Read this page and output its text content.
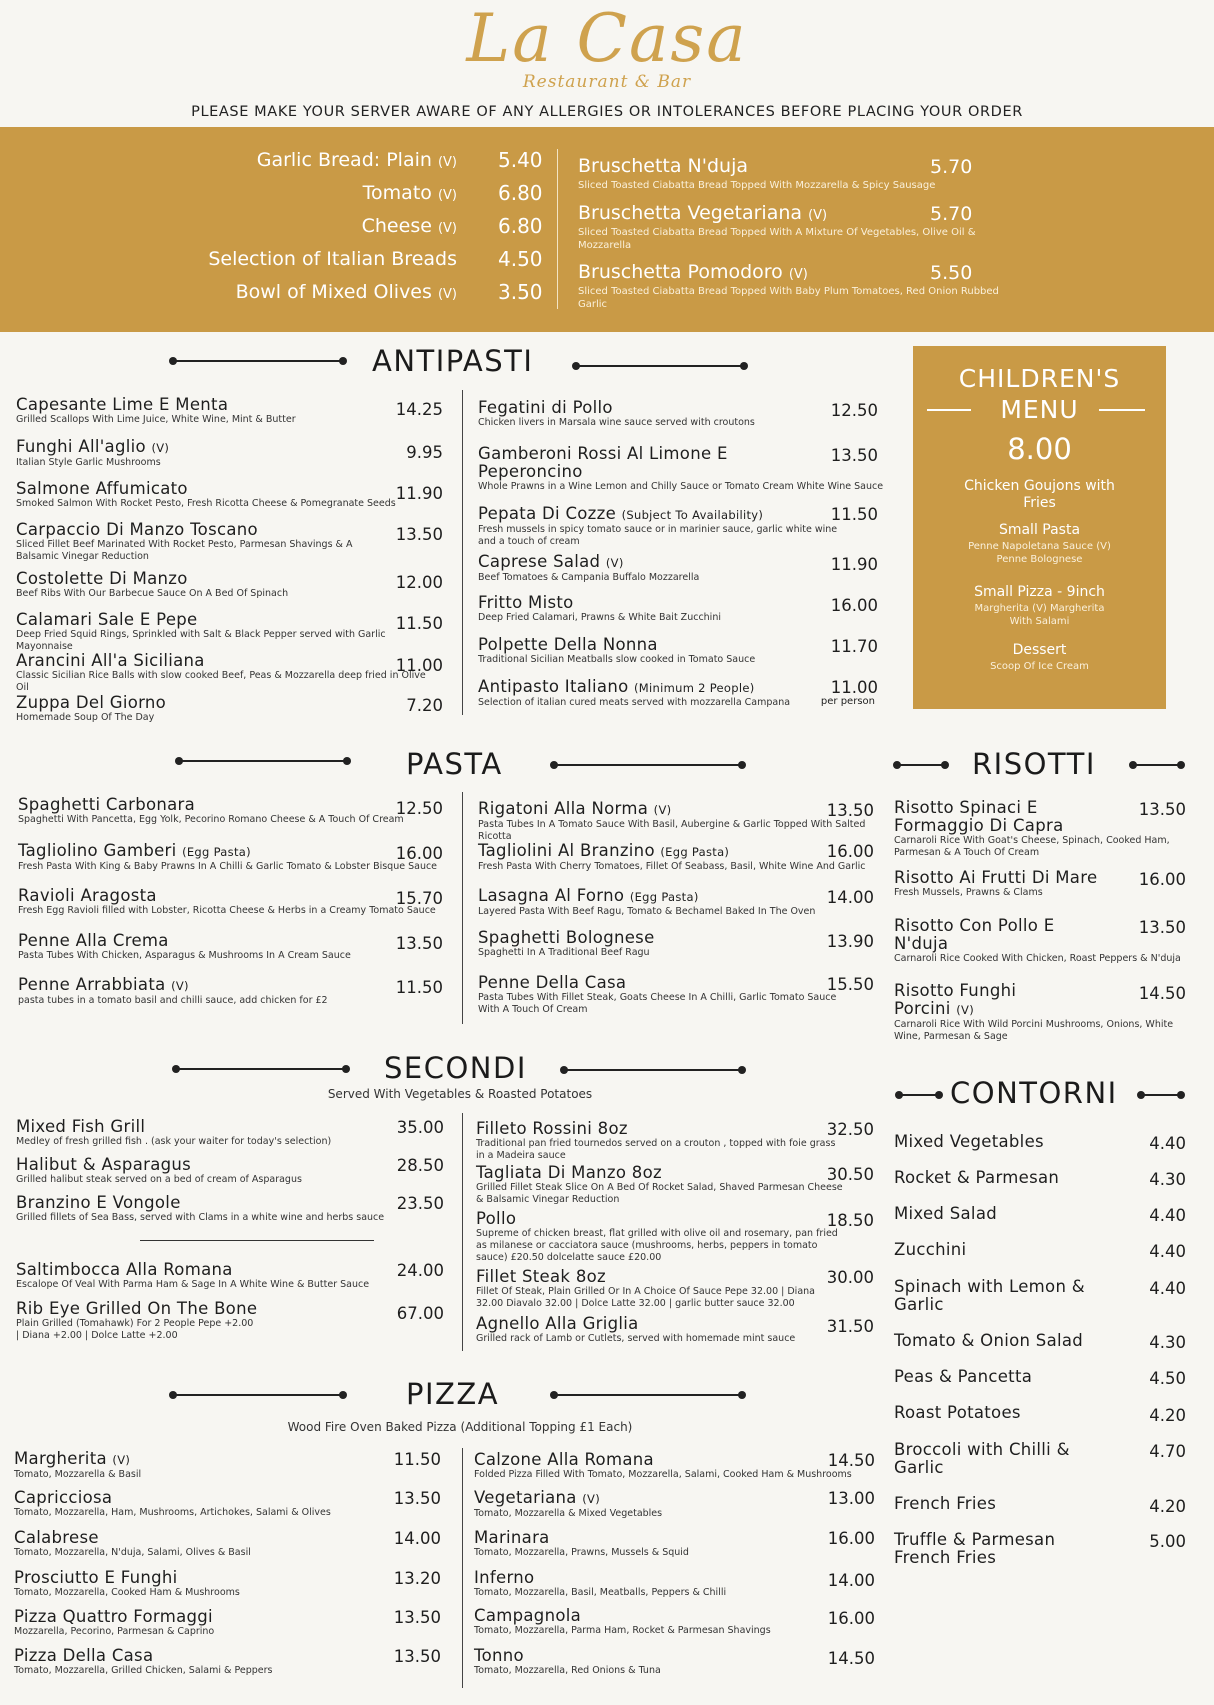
La Casa
Restaurant & Bar
PLEASE MAKE YOUR SERVER AWARE OF ANY ALLERGIES OR INTOLERANCES BEFORE PLACING YOUR ORDER
Garlic Bread: Plain (V) 5.40
Tomato (V) 6.80
Cheese (V) 6.80
Selection of Italian Breads 4.50
Bowl of Mixed Olives (V) 3.50
Bruschetta N'duja	5.70
Sliced Toasted Ciabatta Bread Topped With Mozzarella & Spicy Sausage
Bruschetta Vegetariana (V)	5.70
Sliced Toasted Ciabatta Bread Topped With A Mixture Of Vegetables, Olive Oil & Mozzarella
Bruschetta Pomodoro (V)	5.50
Sliced Toasted Ciabatta Bread Topped With Baby Plum Tomatoes, Red Onion Rubbed Garlic
ANTIPASTI
Capesante Lime E Menta
Grilled Scallops With Lime Juice, White Wine, Mint & Butter
14.25
Funghi All'aglio (V)
Italian Style Garlic Mushrooms
9.95
Salmone Affumicato
Smoked Salmon With Rocket Pesto, Fresh Ricotta Cheese & Pomegranate Seeds
11.90
Carpaccio Di Manzo Toscano
Sliced Fillet Beef Marinated With Rocket Pesto, Parmesan Shavings & A Balsamic Vinegar Reduction
13.50
Costolette Di Manzo
Beef Ribs With Our Barbecue Sauce On A Bed Of Spinach
12.00
Calamari Sale E Pepe
Deep Fried Squid Rings, Sprinkled with Salt & Black Pepper served with Garlic Mayonnaise
11.50
Arancini All'a Siciliana
Classic Sicilian Rice Balls with slow cooked Beef, Peas & Mozzarella deep fried in Olive Oil
11.00
Zuppa Del Giorno
Homemade Soup Of The Day
7.20
Fegatini di Pollo
Chicken livers in Marsala wine sauce served with croutons
12.50
Gamberoni Rossi Al Limone E Peperoncino
Whole Prawns in a Wine Lemon and Chilly Sauce or Tomato Cream White Wine Sauce
13.50
Pepata Di Cozze (Subject To Availability)
Fresh mussels in spicy tomato sauce or in marinier sauce, garlic white wine and a touch of cream
11.50
Caprese Salad (V)
Beef Tomatoes & Campania Buffalo Mozzarella
11.90
Fritto Misto
Deep Fried Calamari, Prawns & White Bait Zucchini
16.00
Polpette Della Nonna
Traditional Sicilian Meatballs slow cooked in Tomato Sauce
11.70
Antipasto Italiano (Minimum 2 People)
Selection of italian cured meats served with mozzarella Campana
11.00
per person
CHILDREN'S
MENU
8.00
Chicken Goujons with Fries
Small Pasta
Penne Napoletana Sauce (V) Penne Bolognese
Small Pizza - 9inch
Margherita (V) Margherita With Salami
Dessert
Scoop Of Ice Cream
PASTA
Spaghetti Carbonara
Spaghetti With Pancetta, Egg Yolk, Pecorino Romano Cheese & A Touch Of Cream
12.50
Tagliolino Gamberi (Egg Pasta)
Fresh Pasta With King & Baby Prawns In A Chilli & Garlic Tomato & Lobster Bisque Sauce
16.00
Ravioli Aragosta
Fresh Egg Ravioli filled with Lobster, Ricotta Cheese & Herbs in a Creamy Tomato Sauce
15.70
Penne Alla Crema
Pasta Tubes With Chicken, Asparagus & Mushrooms In A Cream Sauce
13.50
Penne Arrabbiata (V)
pasta tubes in a tomato basil and chilli sauce, add chicken for £2
11.50
Rigatoni Alla Norma (V)
Pasta Tubes In A Tomato Sauce With Basil, Aubergine & Garlic Topped With Salted Ricotta
13.50
Tagliolini Al Branzino (Egg Pasta)
Fresh Pasta With Cherry Tomatoes, Fillet Of Seabass, Basil, White Wine And Garlic
16.00
Lasagna Al Forno (Egg Pasta)
Layered Pasta With Beef Ragu, Tomato & Bechamel Baked In The Oven
14.00
Spaghetti Bolognese
Spaghetti In A Traditional Beef Ragu
13.90
Penne Della Casa
Pasta Tubes With Fillet Steak, Goats Cheese In A Chilli, Garlic Tomato Sauce With A Touch Of Cream
15.50
RISOTTI
Risotto Spinaci E Formaggio Di Capra
Carnaroli Rice With Goat's Cheese, Spinach, Cooked Ham, Parmesan & A Touch Of Cream
13.50
Risotto Ai Frutti Di Mare
Fresh Mussels, Prawns & Clams
16.00
Risotto Con Pollo E N'duja
Carnaroli Rice Cooked With Chicken, Roast Peppers & N'duja
13.50
Risotto Funghi Porcini (V)
Carnaroli Rice With Wild Porcini Mushrooms, Onions, White Wine, Parmesan & Sage
14.50
SECONDI
Served With Vegetables & Roasted Potatoes
Mixed Fish Grill
Medley of fresh grilled fish . (ask your waiter for today's selection)
35.00
Halibut & Asparagus
Grilled halibut steak served on a bed of cream of Asparagus
28.50
Branzino E Vongole
Grilled fillets of Sea Bass, served with Clams in a white wine and herbs sauce
23.50
Saltimbocca Alla Romana
Escalope Of Veal With Parma Ham & Sage In A White Wine & Butter Sauce
24.00
Rib Eye Grilled On The Bone
Plain Grilled (Tomahawk) For 2 People Pepe +2.00 | Diana +2.00 | Dolce Latte +2.00
67.00
Filleto Rossini 8oz
Traditional pan fried tournedos served on a crouton , topped with foie grass in a Madeira sauce
32.50
Tagliata Di Manzo 8oz
Grilled Fillet Steak Slice On A Bed Of Rocket Salad, Shaved Parmesan Cheese & Balsamic Vinegar Reduction
30.50
Pollo
Supreme of chicken breast, flat grilled with olive oil and rosemary, pan fried as milanese or cacciatora sauce (mushrooms, herbs, peppers in tomato sauce) £20.50 dolcelatte sauce £20.00
18.50
Fillet Steak 8oz
Fillet Of Steak, Plain Grilled Or In A Choice Of Sauce Pepe 32.00 | Diana 32.00 Diavalo 32.00 | Dolce Latte 32.00 | garlic butter sauce 32.00
30.00
Agnello Alla Griglia
Grilled rack of Lamb or Cutlets, served with homemade mint sauce
31.50
CONTORNI
Mixed Vegetables	4.40
Rocket & Parmesan	4.30
Mixed Salad	4.40
Zucchini	4.40
Spinach with Lemon & Garlic
4.40
Tomato & Onion Salad	4.30
Peas & Pancetta	4.50
Roast Potatoes	4.20
Broccoli with Chilli & Garlic
4.70
French Fries	4.20
Truffle & Parmesan French Fries
5.00
PIZZA
Wood Fire Oven Baked Pizza (Additional Topping £1 Each)
Margherita (V)
Tomato, Mozzarella & Basil
11.50
Capricciosa
Tomato, Mozzarella, Ham, Mushrooms, Artichokes, Salami & Olives
13.50
Calabrese
Tomato, Mozzarella, N'duja, Salami, Olives & Basil
14.00
Prosciutto E Funghi
Tomato, Mozzarella, Cooked Ham & Mushrooms
13.20
Pizza Quattro Formaggi
Mozzarella, Pecorino, Parmesan & Caprino
13.50
Pizza Della Casa
Tomato, Mozzarella, Grilled Chicken, Salami & Peppers
13.50
Calzone Alla Romana
Folded Pizza Filled With Tomato, Mozzarella, Salami, Cooked Ham & Mushrooms
14.50
Vegetariana (V)
Tomato, Mozzarella & Mixed Vegetables
13.00
Marinara
Tomato, Mozzarella, Prawns, Mussels & Squid
16.00
Inferno
Tomato, Mozzarella, Basil, Meatballs, Peppers & Chilli
14.00
Campagnola
Tomato, Mozzarella, Parma Ham, Rocket & Parmesan Shavings
16.00
Tonno
Tomato, Mozzarella, Red Onions & Tuna
14.50
